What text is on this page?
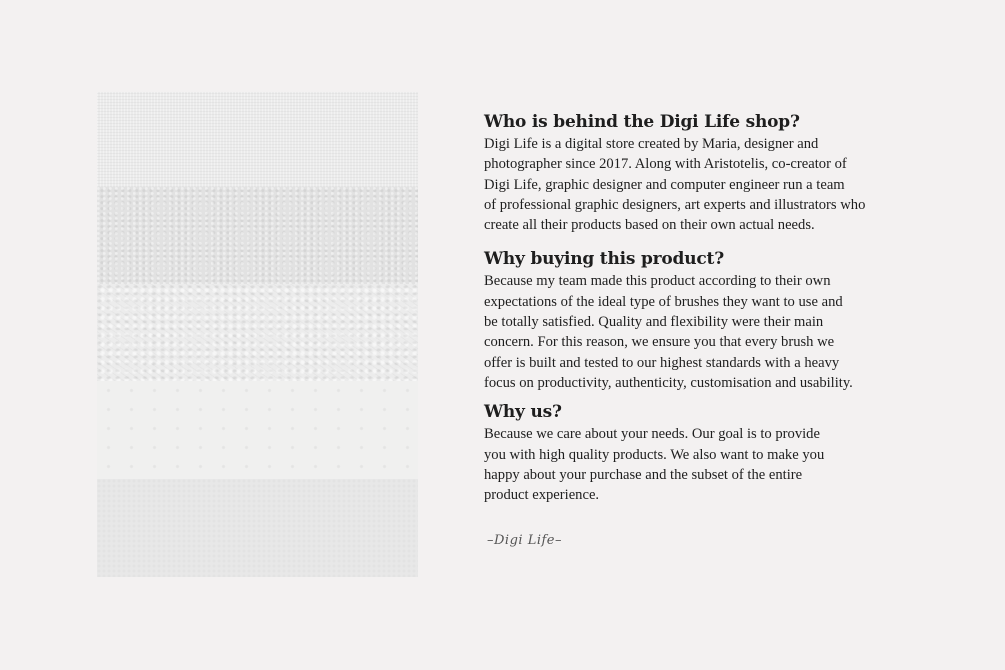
Who is behind the Digi Life shop?

Digi Life is a digital store created by Maria, designer and
photographer since 2017. Along with Aristotelis, co-creator of
Digi Life, graphic designer and computer engineer run a team
of professional graphic designers, art experts and illustrators who
create all their products based on their own actual needs.

Why buying this product?

Because my team made this product according to their own
expectations of the ideal type of brushes they want to use and
be totally satisfied. Quality and flexibility were their main
concern. For this reason, we ensure you that every brush we
offer is built and tested to our highest standards with a heavy
focus on productivity, authenticity, customisation and usability.

Why us?

Because we care about your needs. Our goal is to provide
you with high quality products. We also want to make you
happy about your purchase and the subset of the entire
product experience.

–Digi Life–
